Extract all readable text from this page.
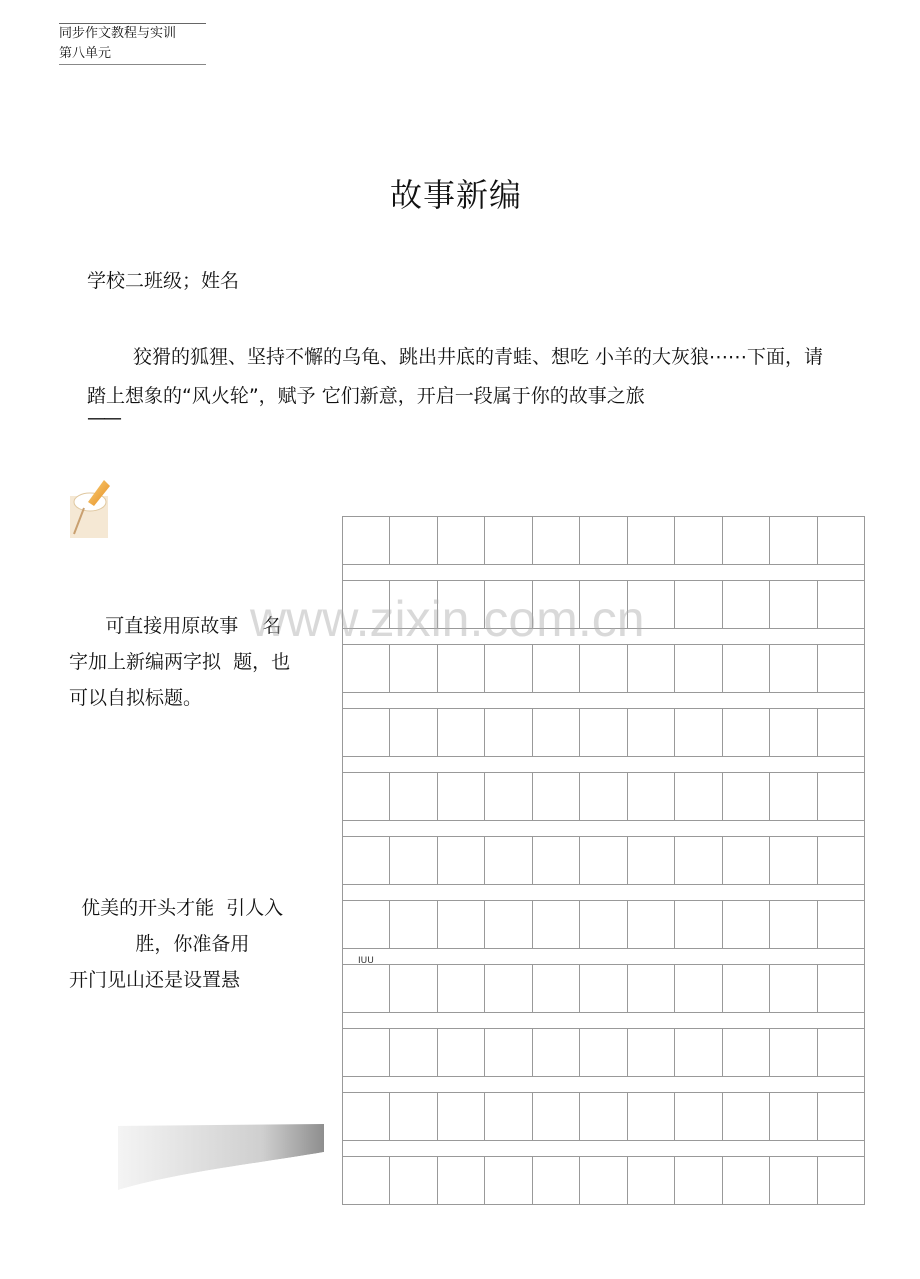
同步作文教程与实训
第八单元
故事新编
学校二班级；姓名
狡猾的狐狸、坚持不懈的乌龟、跳出井底的青蛙、想吃 小羊的大灰狼⋯⋯下面，请踏上想象的“风火轮”，赋予 它们新意，开启一段属于你的故事之旅
——
可直接用原故事    名
字加上新编两字拟  题，也
可以自拟标题。
优美的开头才能  引人入
胜，你准备用
开门见山还是设置悬
IUU
www.zixin.com.cn
